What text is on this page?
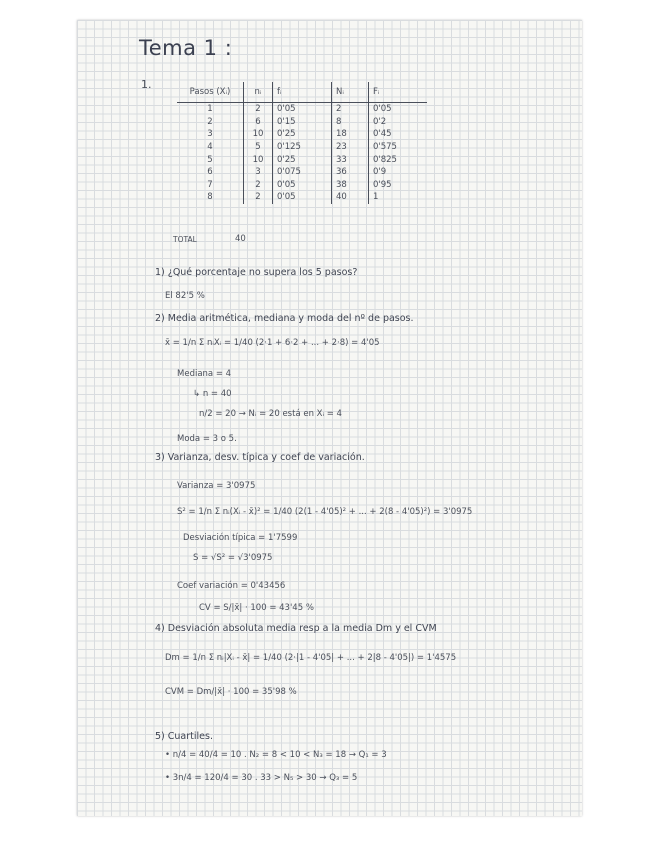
Tema 1 :
1.
Pasos (Xᵢ)	nᵢ	fᵢ	Nᵢ	Fᵢ
1	2	0'05	2	0'05
2	6	0'15	8	0'2
3	10	0'25	18	0'45
4	5	0'125	23	0'575
5	10	0'25	33	0'825
6	3	0'075	36	0'9
7	2	0'05	38	0'95
8	2	0'05	40	1
TOTAL	40
1) ¿Qué porcentaje no supera los 5 pasos?
El 82'5 %
2) Media aritmética, mediana y moda del nº de pasos.
x̄ = 1/n Σ nᵢXᵢ = 1/40 (2·1 + 6·2 + ... + 2·8) = 4'05
Mediana = 4
↳ n = 40
n/2 = 20 → Nᵢ = 20 está en Xᵢ = 4
Moda = 3 o 5.
3) Varianza, desv. típica y coef de variación.
Varianza = 3'0975
S² = 1/n Σ nᵢ(Xᵢ - x̄)² = 1/40 (2(1 - 4'05)² + ... + 2(8 - 4'05)²) = 3'0975
Desviación típica = 1'7599
S = √S² = √3'0975
Coef variación = 0'43456
CV = S/|x̄| · 100 = 43'45 %
4) Desviación absoluta media resp a la media Dm y el CVM
Dm = 1/n Σ nᵢ|Xᵢ - x̄| = 1/40 (2·|1 - 4'05| + ... + 2|8 - 4'05|) = 1'4575
CVM = Dm/|x̄| · 100 = 35'98 %
5) Cuartiles.
• n/4 = 40/4 = 10 . N₂ = 8 < 10 < N₃ = 18 → Q₁ = 3
• 3n/4 = 120/4 = 30 . 33 > N₅ > 30 → Q₃ = 5
